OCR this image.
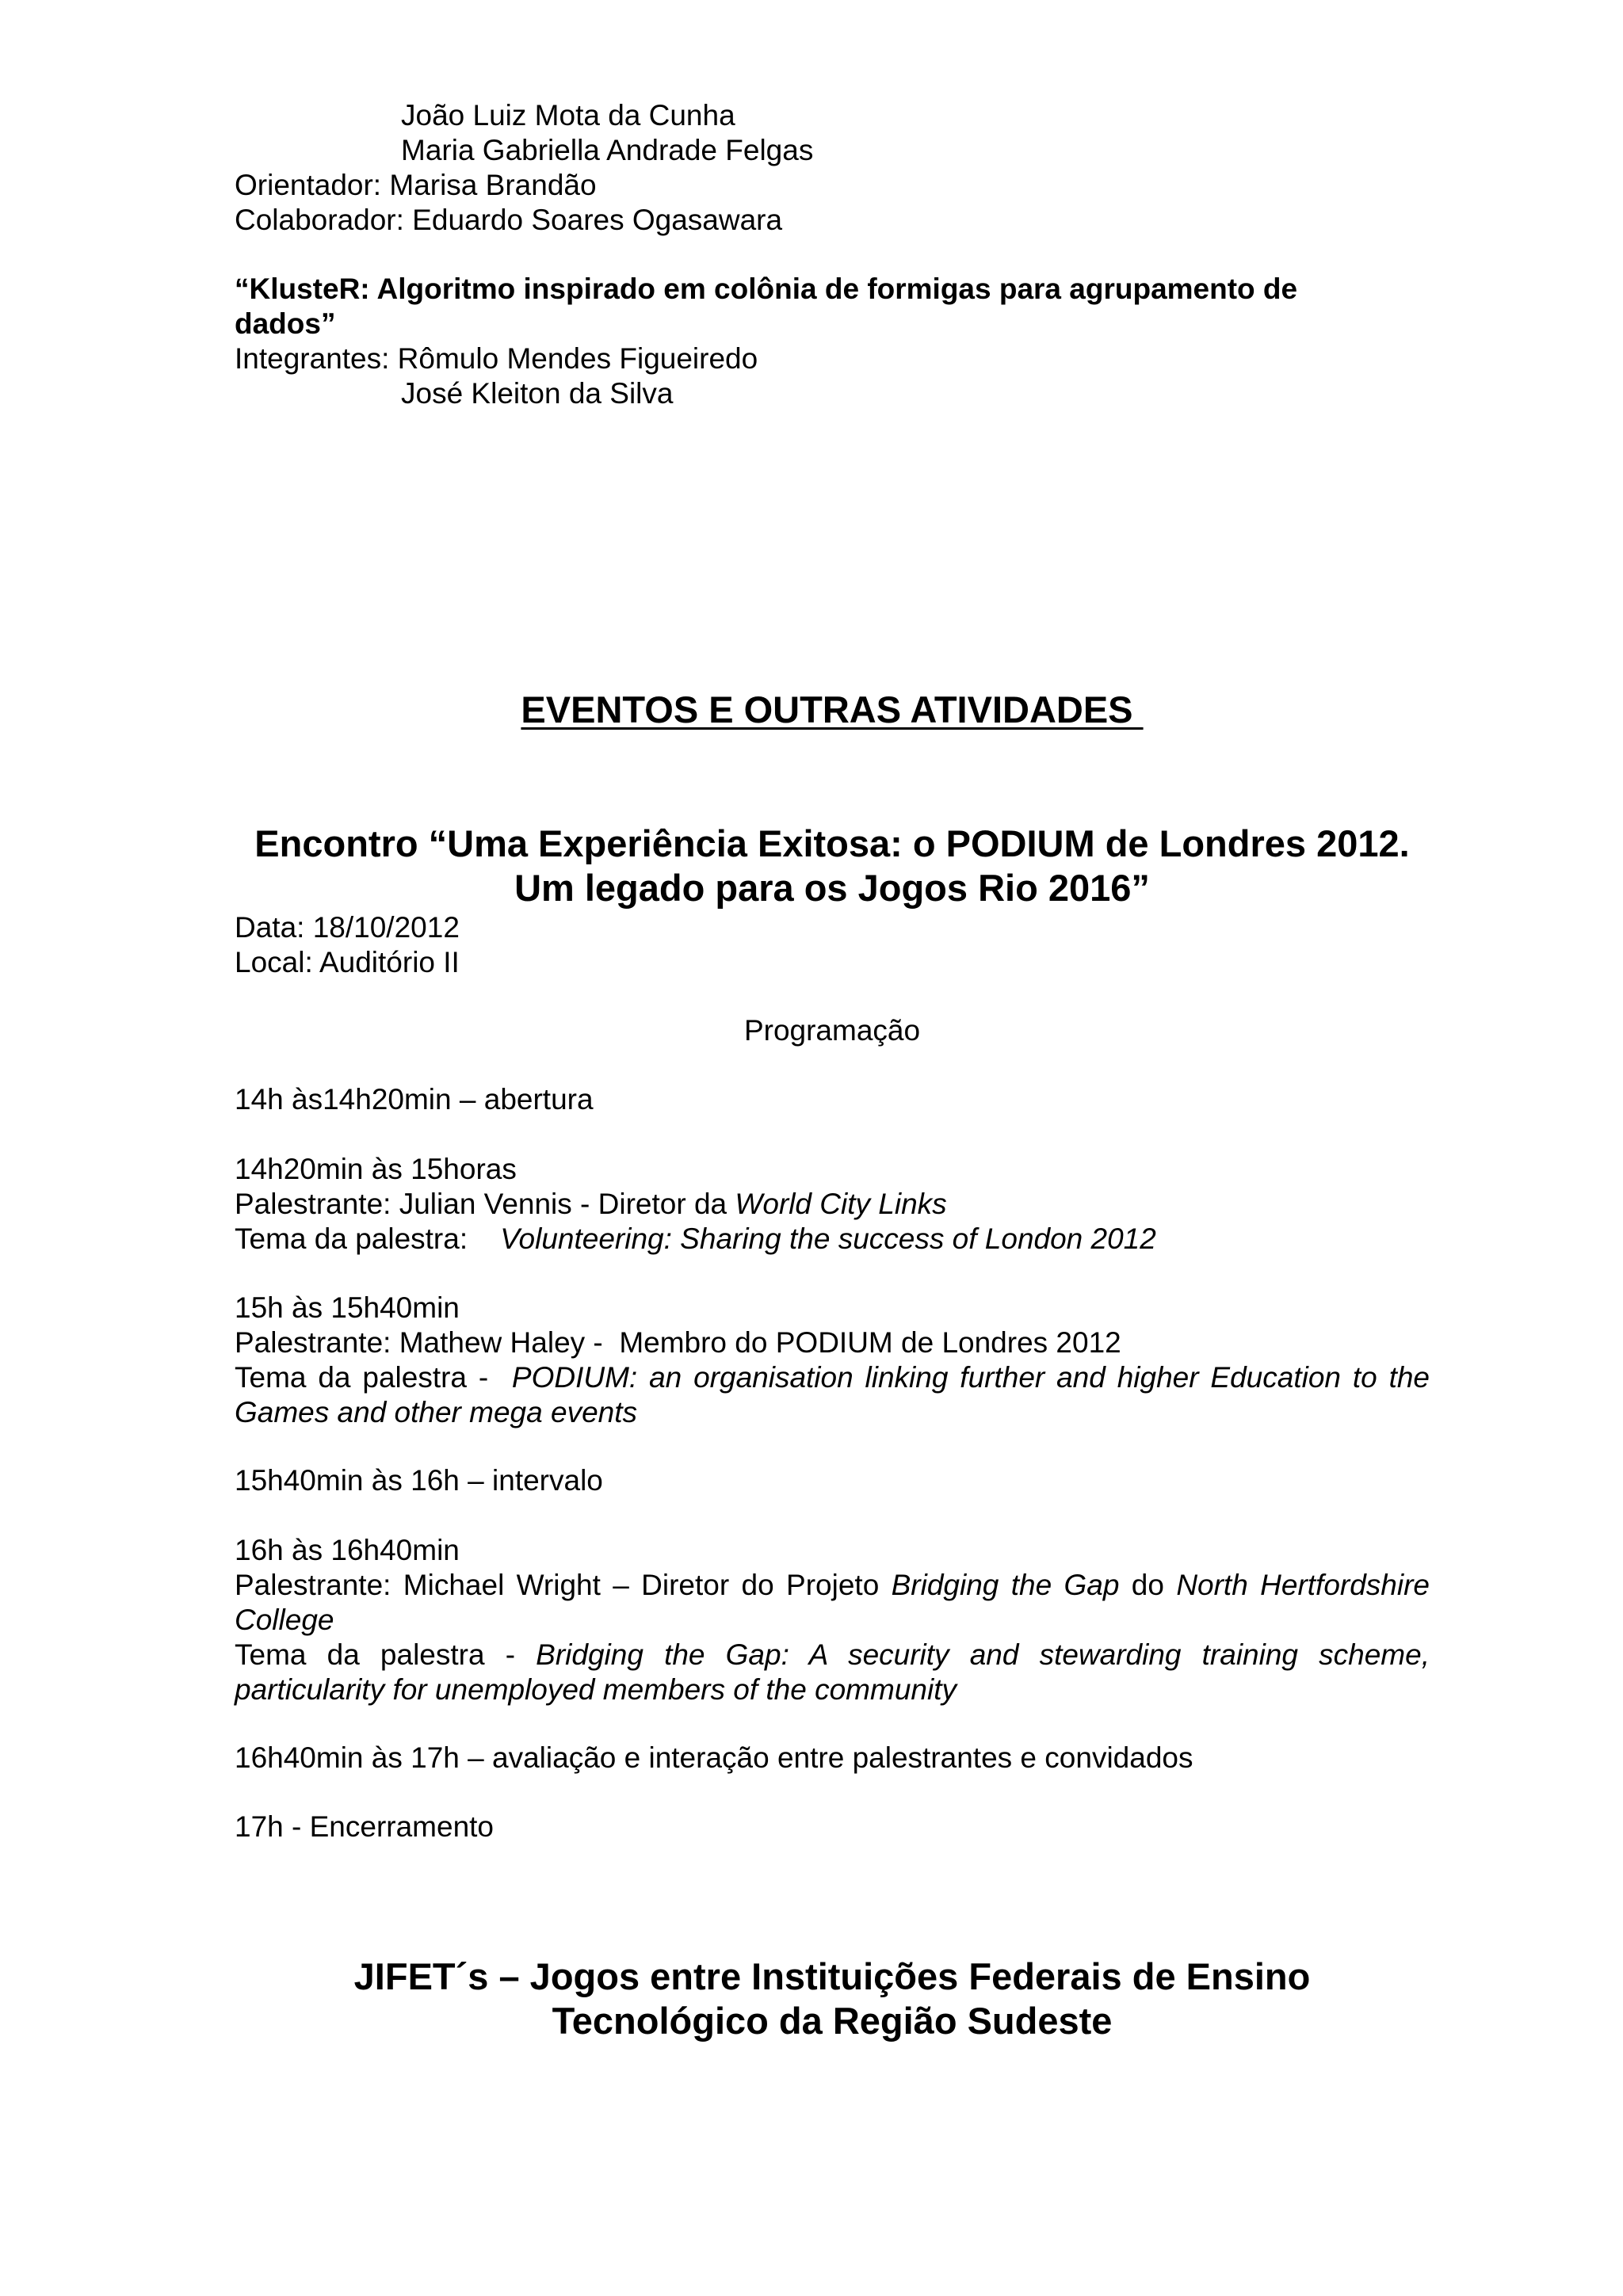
João Luiz Mota da Cunha
Maria Gabriella Andrade Felgas
Orientador: Marisa Brandão
Colaborador: Eduardo Soares Ogasawara
“KlusteR: Algoritmo inspirado em colônia de formigas para agrupamento de
dados”
Integrantes: Rômulo Mendes Figueiredo
José Kleiton da Silva
EVENTOS E OUTRAS ATIVIDADES
Encontro “Uma Experiência Exitosa: o PODIUM de Londres 2012.
Um legado para os Jogos Rio 2016”
Data: 18/10/2012
Local: Auditório II
Programação
14h às14h20min – abertura
14h20min às 15horas
Palestrante: Julian Vennis - Diretor da World City Links
Tema da palestra:    Volunteering: Sharing the success of London 2012
15h às 15h40min
Palestrante: Mathew Haley -  Membro do PODIUM de Londres 2012
Tema da palestra -  PODIUM: an organisation linking further and higher Education to the Games and other mega events
15h40min às 16h – intervalo
16h às 16h40min
Palestrante: Michael Wright – Diretor do Projeto Bridging the Gap do North Hertfordshire College
Tema da palestra - Bridging the Gap: A security and stewarding training scheme, particularity for unemployed members of the community
16h40min às 17h – avaliação e interação entre palestrantes e convidados
17h - Encerramento
JIFET´s – Jogos entre Instituições Federais de Ensino
Tecnológico da Região Sudeste
